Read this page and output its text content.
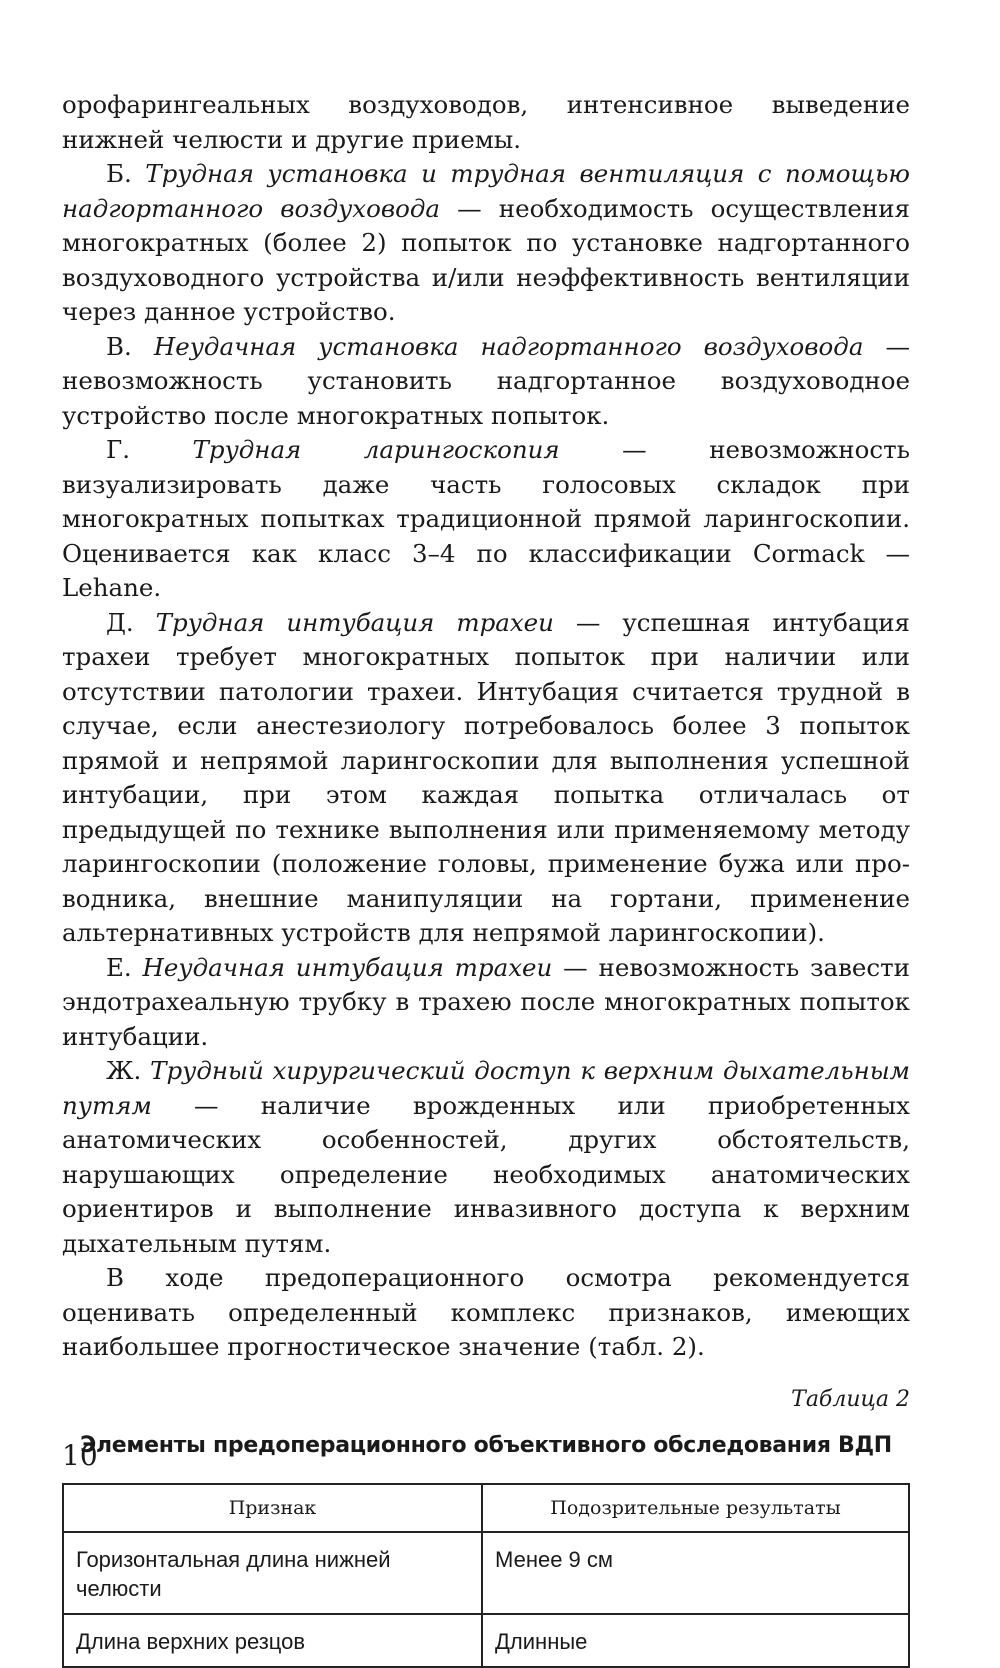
орофарингеальных воздуховодов, интенсивное выведение нижней челюсти и другие приемы.

Б. Трудная установка и трудная вентиляция с помощью надгортанного воздуховода — необходимость осуществления многократных (более 2) попыток по установке надгортанного воздуховодного устройства и/или неэффективность вентиляции через данное устройство.

В. Неудачная установка надгортанного воздуховода — невозможность установить надгортанное воздуховодное устройство после многократных попыток.

Г. Трудная ларингоскопия — невозможность визуализировать даже часть голосовых складок при многократных попытках традиционной прямой ларингоскопии. Оценивается как класс 3–4 по классификации Cormack — Lehane.

Д. Трудная интубация трахеи — успешная интубация трахеи требует многократных попыток при наличии или отсутствии патологии трахеи. Интубация считается трудной в случае, если анестезиологу потребовалось более 3 попыток прямой и непрямой ларингоскопии для выполнения успешной интубации, при этом каждая попытка отличалась от предыдущей по технике выполнения или применяемому методу ларингоскопии (положение головы, применение бужа или проводника, внешние манипуляции на гортани, применение альтернативных устройств для непрямой ларингоскопии).

Е. Неудачная интубация трахеи — невозможность завести эндотрахеальную трубку в трахею после многократных попыток интубации.

Ж. Трудный хирургический доступ к верхним дыхательным путям — наличие врожденных или приобретенных анатомических особенностей, других обстоятельств, нарушающих определение необходимых анатомических ориентиров и выполнение инвазивного доступа к верхним дыхательным путям.

В ходе предоперационного осмотра рекомендуется оценивать определенный комплекс признаков, имеющих наибольшее прогностическое значение (табл. 2).

Таблица 2

Элементы предоперационного объективного обследования ВДП

Признак	Подозрительные результаты
Горизонтальная длина нижней челюсти	Менее 9 см
Длина верхних резцов	Длинные
10
